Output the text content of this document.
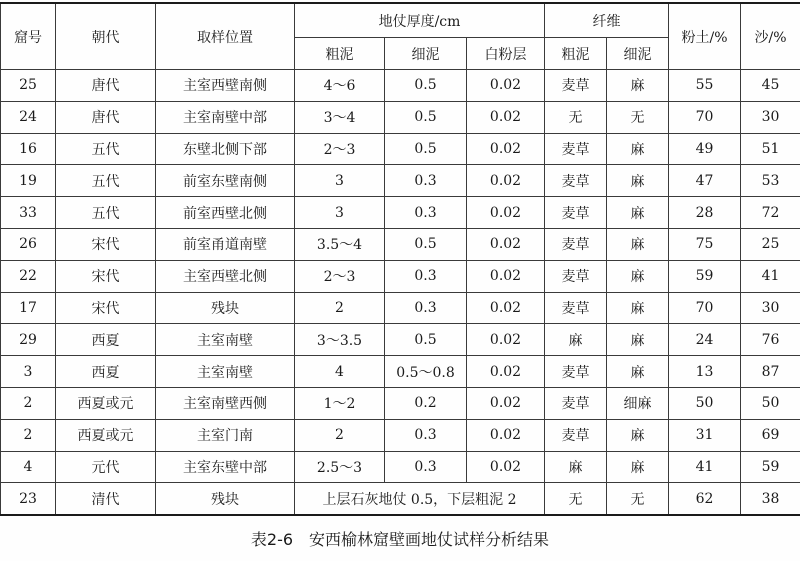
窟号	朝代	取样位置	地仗厚度/cm			纤维		粉土/%	沙/%
			粗泥	细泥	白粉层	粗泥	细泥		
25	唐代	主室西壁南侧	4～6	0.5	0.02	麦草	麻	55	45
24	唐代	主室南壁中部	3～4	0.5	0.02	无	无	70	30
16	五代	东壁北侧下部	2～3	0.5	0.02	麦草	麻	49	51
19	五代	前室东壁南侧	3	0.3	0.02	麦草	麻	47	53
33	五代	前室西壁北侧	3	0.3	0.02	麦草	麻	28	72
26	宋代	前室甬道南壁	3.5～4	0.5	0.02	麦草	麻	75	25
22	宋代	主室西壁北侧	2～3	0.3	0.02	麦草	麻	59	41
17	宋代	残块	2	0.3	0.02	麦草	麻	70	30
29	西夏	主室南壁	3～3.5	0.5	0.02	麻	麻	24	76
3	西夏	主室南壁	4	0.5～0.8	0.02	麦草	麻	13	87
2	西夏或元	主室南壁西侧	1～2	0.2	0.02	麦草	细麻	50	50
2	西夏或元	主室门南	2	0.3	0.02	麦草	麻	31	69
4	元代	主室东壁中部	2.5～3	0.3	0.02	麻	麻	41	59
23	清代	残块	上层石灰地仗 0.5，下层粗泥 2			无	无	62	38
表2-6　安西榆林窟壁画地仗试样分析结果
